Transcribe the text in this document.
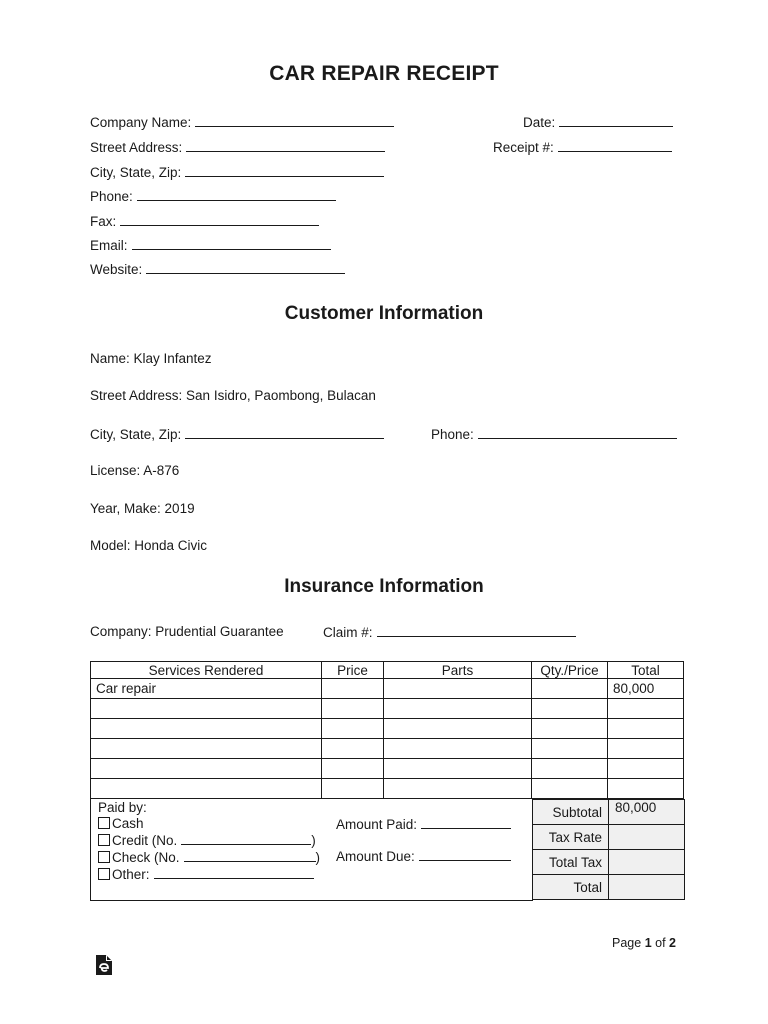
CAR REPAIR RECEIPT
Company Name:
Street Address:
City, State, Zip:
Phone:
Fax:
Email:
Website:
Date:
Receipt #:
Customer Information
Name: Klay Infantez
Street Address: San Isidro, Paombong, Bulacan
City, State, Zip:	Phone:
License: A-876
Year, Make: 2019
Model: Honda Civic
Insurance Information
Company: Prudential Guarantee	Claim #:
Services Rendered	Price	Parts	Qty./Price	Total
Car repair				80,000

Paid by:
Cash
Credit (No.	)
Check (No.	)
Other:
Amount Paid:
Amount Due:
Subtotal	80,000
Tax Rate	
Total Tax	
Total	
Page 1 of 2
